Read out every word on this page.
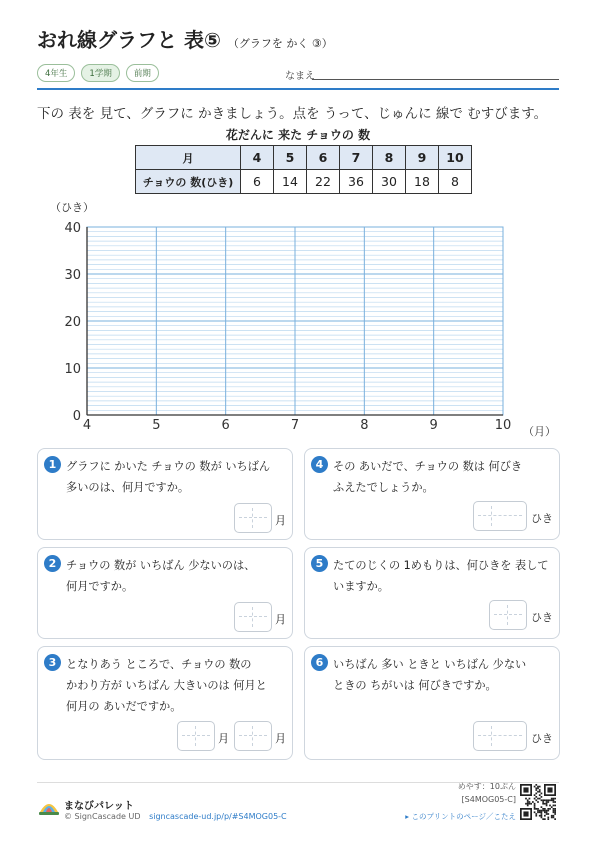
おれ線グラフと 表⑤ （グラフを かく ③）
4年生	1学期	前期	なまえ
下の 表を 見て、グラフに かきましょう。点を うって、じゅんに 線で むすびます。
花だんに 来た チョウの 数
月	4	5	6	7	8	9	10
チョウの 数(ひき)	6	14	22	36	30	18	8
（ひき）
40
30
20
10
0
4	5	6	7	8	9	10 （月）
1 グラフに かいた チョウの 数が いちばん
多いのは、何月ですか。
月
4 その あいだで、チョウの 数は 何びき
ふえたでしょうか。
ひき
2 チョウの 数が いちばん 少ないのは、
何月ですか。
月
5 たてのじくの 1めもりは、何ひきを 表して
いますか。
ひき
3 となりあう ところで、チョウの 数の
かわり方が いちばん 大きいのは 何月と
何月の あいだですか。
月	月
6 いちばん 多い ときと いちばん 少ない
ときの ちがいは 何びきですか。
ひき
まなびパレット
© SignCascade UD signcascade-ud.jp/p/#S4MOG05-C
めやす：10ぷん
[S4MOG05-C]
▸ このプリントのページ／こたえ
